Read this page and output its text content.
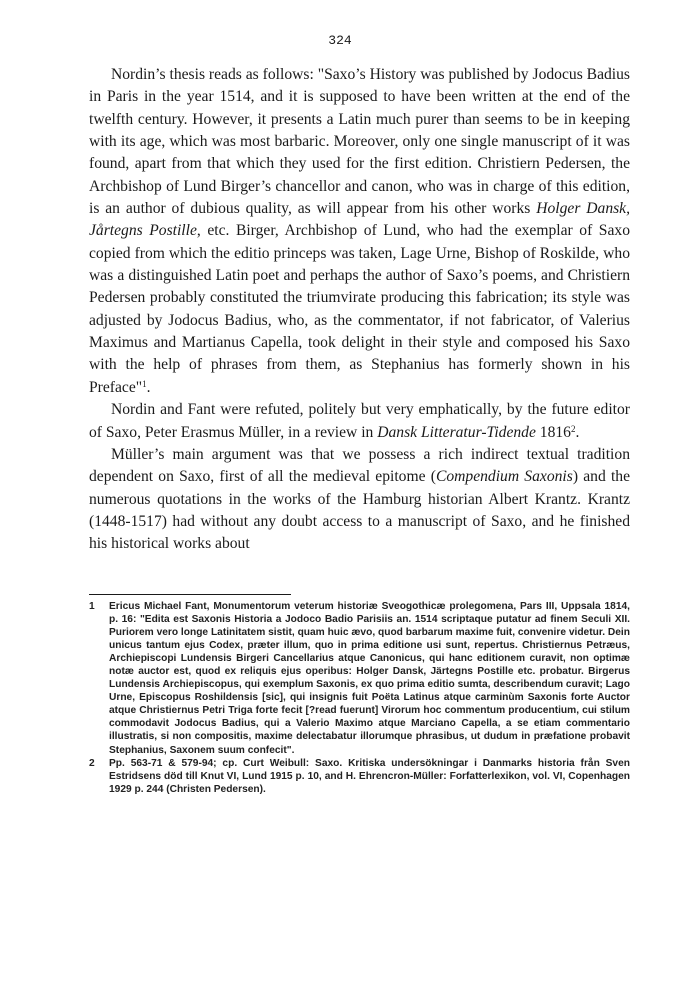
324

Nordin’s thesis reads as follows: "Saxo’s History was published by Jodocus Badius in Paris in the year 1514, and it is supposed to have been written at the end of the twelfth century. However, it presents a Latin much purer than seems to be in keeping with its age, which was most barbaric. Moreover, only one single manuscript of it was found, apart from that which they used for the first edition. Christiern Pedersen, the Archbishop of Lund Birger’s chancellor and canon, who was in charge of this edition, is an author of dubious quality, as will appear from his other works Holger Dansk, Jårtegns Postille, etc. Birger, Archbishop of Lund, who had the exemplar of Saxo copied from which the editio princeps was taken, Lage Urne, Bishop of Roskilde, who was a distinguished Latin poet and perhaps the author of Saxo’s poems, and Christiern Pedersen probably constituted the triumvirate producing this fabrication; its style was adjusted by Jodocus Badius, who, as the commentator, if not fabricator, of Valerius Maximus and Martianus Capella, took delight in their style and composed his Saxo with the help of phrases from them, as Stephanius has formerly shown in his Preface"$^1$.

Nordin and Fant were refuted, politely but very emphatically, by the future editor of Saxo, Peter Erasmus Müller, in a review in Dansk Litteratur-Tidende 1816$^2$.

Müller’s main argument was that we possess a rich indirect textual tradition dependent on Saxo, first of all the medieval epitome (Compendium Saxonis) and the numerous quotations in the works of the Hamburg historian Albert Krantz. Krantz (1448-1517) had without any doubt access to a manuscript of Saxo, and he finished his historical works about

1	Ericus Michael Fant, Monumentorum veterum historiæ Sveogothicæ prolegomena, Pars III, Uppsala 1814, p. 16: "Edita est Saxonis Historia a Jodoco Badio Parisiis an. 1514 scriptaque putatur ad finem Seculi XII. Puriorem vero longe Latinitatem sistit, quam huic ævo, quod barbarum maxime fuit, convenire videtur. Dein unicus tantum ejus Codex, præter illum, quo in prima editione usi sunt, repertus. Christiernus Petræus, Archiepiscopi Lundensis Birgeri Cancellarius atque Canonicus, qui hanc editionem curavit, non optimæ notæ auctor est, quod ex reliquis ejus operibus: Holger Dansk, Järtegns Postille etc. probatur. Birgerus Lundensis Archiepiscopus, qui exemplum Saxonis, ex quo prima editio sumta, describendum curavit; Lago Urne, Episcopus Roshildensis [sic], qui insignis fuit Poëta Latinus atque carminùm Saxonis forte Auctor atque Christiernus Petri Triga forte fecit [?read fuerunt] Virorum hoc commentum producentium, cui stilum commodavit Jodocus Badius, qui a Valerio Maximo atque Marciano Capella, a se etiam commentario illustratis, si non compositis, maxime delectabatur illorumque phrasibus, ut dudum in præfatione probavit Stephanius, Saxonem suum confecit".
2	Pp. 563-71 & 579-94; cp. Curt Weibull: Saxo. Kritiska undersökningar i Danmarks historia från Sven Estridsens död till Knut VI, Lund 1915 p. 10, and H. Ehrencron-Müller: Forfatterlexikon, vol. VI, Copenhagen 1929 p. 244 (Christen Pedersen).
